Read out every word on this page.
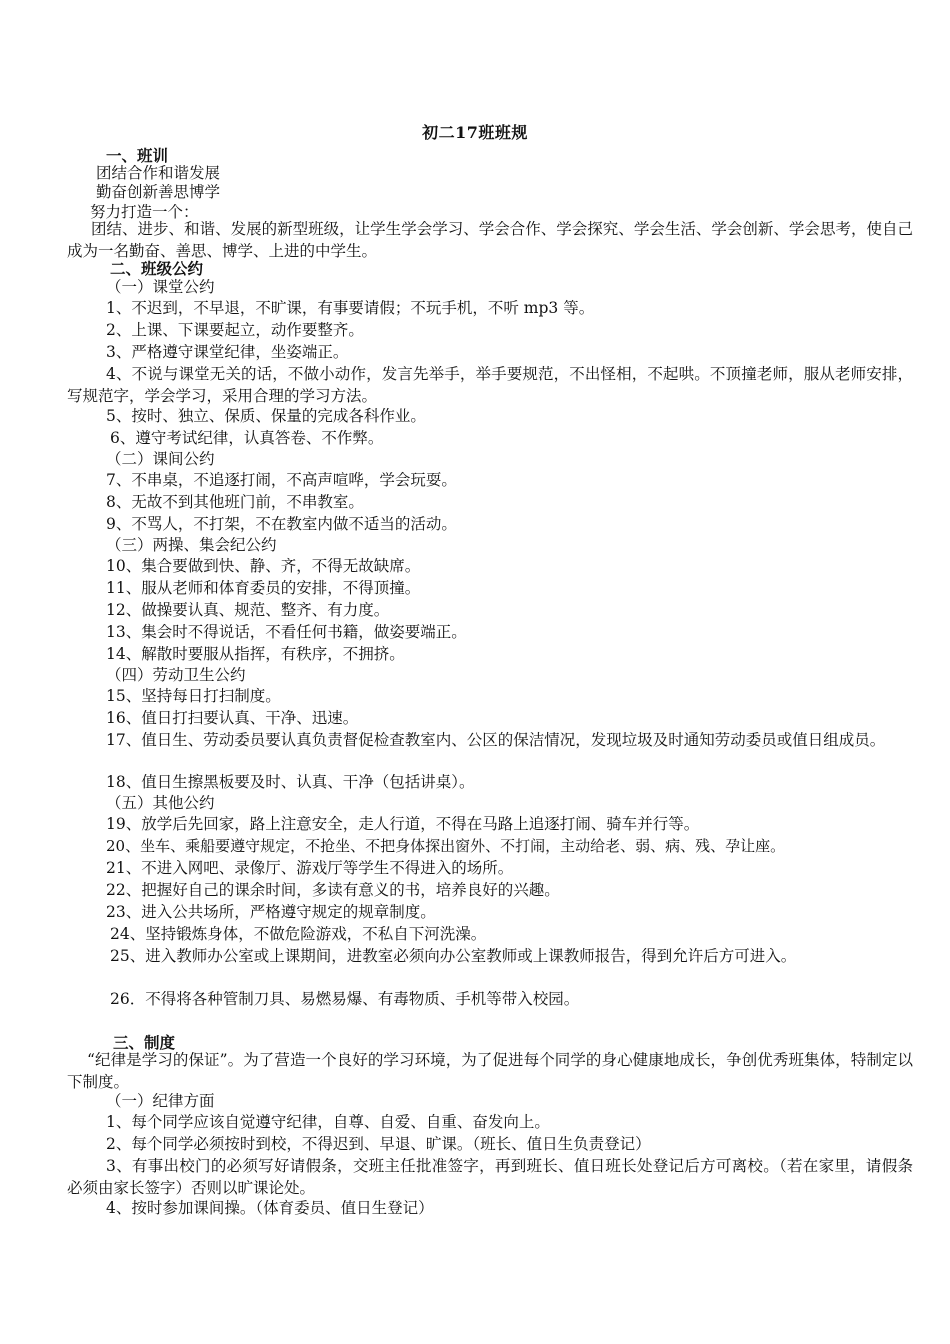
初二17班班规
一、班训
团结合作和谐发展
勤奋创新善思博学
努力打造一个：
团结、进步、和谐、发展的新型班级，让学生学会学习、学会合作、学会探究、学会生活、学会创新、学会思考，使自己成为一名勤奋、善思、博学、上进的中学生。
二、班级公约
（一）课堂公约
1、不迟到，不早退，不旷课，有事要请假；不玩手机，不听 mp3 等。
2、上课、下课要起立，动作要整齐。
3、严格遵守课堂纪律，坐姿端正。
4、不说与课堂无关的话，不做小动作，发言先举手，举手要规范，不出怪相，不起哄。不顶撞老师，服从老师安排，写规范字，学会学习，采用合理的学习方法。
5、按时、独立、保质、保量的完成各科作业。
6、遵守考试纪律，认真答卷、不作弊。
（二）课间公约
7、不串桌，不追逐打闹，不高声喧哗，学会玩耍。
8、无故不到其他班门前，不串教室。
9、不骂人，不打架，不在教室内做不适当的活动。
（三）两操、集会纪公约
10、集合要做到快、静、齐，不得无故缺席。
11、服从老师和体育委员的安排，不得顶撞。
12、做操要认真、规范、整齐、有力度。
13、集会时不得说话，不看任何书籍，做姿要端正。
14、解散时要服从指挥，有秩序，不拥挤。
（四）劳动卫生公约
15、坚持每日打扫制度。
16、值日打扫要认真、干净、迅速。
17、值日生、劳动委员要认真负责督促检查教室内、公区的保洁情况，发现垃圾及时通知劳动委员或值日组成员。
18、值日生擦黑板要及时、认真、干净（包括讲桌）。
（五）其他公约
19、放学后先回家，路上注意安全，走人行道，不得在马路上追逐打闹、骑车并行等。
20、坐车、乘船要遵守规定，不抢坐、不把身体探出窗外、不打闹，主动给老、弱、病、残、孕让座。
21、不进入网吧、录像厅、游戏厅等学生不得进入的场所。
22、把握好自己的课余时间，多读有意义的书，培养良好的兴趣。
23、进入公共场所，严格遵守规定的规章制度。
24、坚持锻炼身体，不做危险游戏，不私自下河洗澡。
25、进入教师办公室或上课期间，进教室必须向办公室教师或上课教师报告，得到允许后方可进入。
26．不得将各种管制刀具、易燃易爆、有毒物质、手机等带入校园。
三、制度
“纪律是学习的保证”。为了营造一个良好的学习环境，为了促进每个同学的身心健康地成长，争创优秀班集体，特制定以下制度。
（一）纪律方面
1、每个同学应该自觉遵守纪律，自尊、自爱、自重、奋发向上。
2、每个同学必须按时到校，不得迟到、早退、旷课。（班长、值日生负责登记）
3、有事出校门的必须写好请假条，交班主任批准签字，再到班长、值日班长处登记后方可离校。（若在家里，请假条必须由家长签字）否则以旷课论处。
4、按时参加课间操。（体育委员、值日生登记）
